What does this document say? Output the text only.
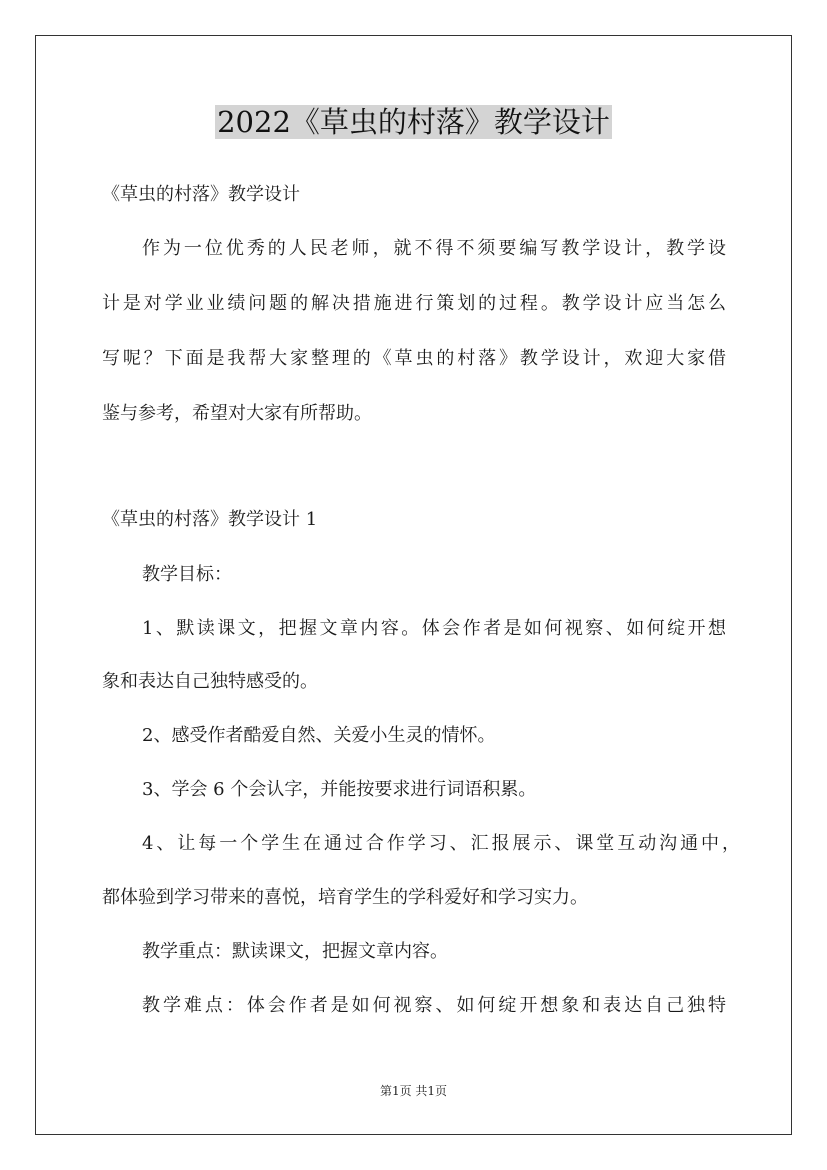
2022《草虫的村落》教学设计
《草虫的村落》教学设计
作为一位优秀的人民老师，就不得不须要编写教学设计，教学设
计是对学业业绩问题的解决措施进行策划的过程。教学设计应当怎么
写呢？下面是我帮大家整理的《草虫的村落》教学设计，欢迎大家借
鉴与参考，希望对大家有所帮助。
《草虫的村落》教学设计 1
教学目标：
1、默读课文，把握文章内容。体会作者是如何视察、如何绽开想
象和表达自己独特感受的。
2、感受作者酷爱自然、关爱小生灵的情怀。
3、学会 6 个会认字，并能按要求进行词语积累。
4、让每一个学生在通过合作学习、汇报展示、课堂互动沟通中，
都体验到学习带来的喜悦，培育学生的学科爱好和学习实力。
教学重点：默读课文，把握文章内容。
教学难点：体会作者是如何视察、如何绽开想象和表达自己独特
第1页 共1页
